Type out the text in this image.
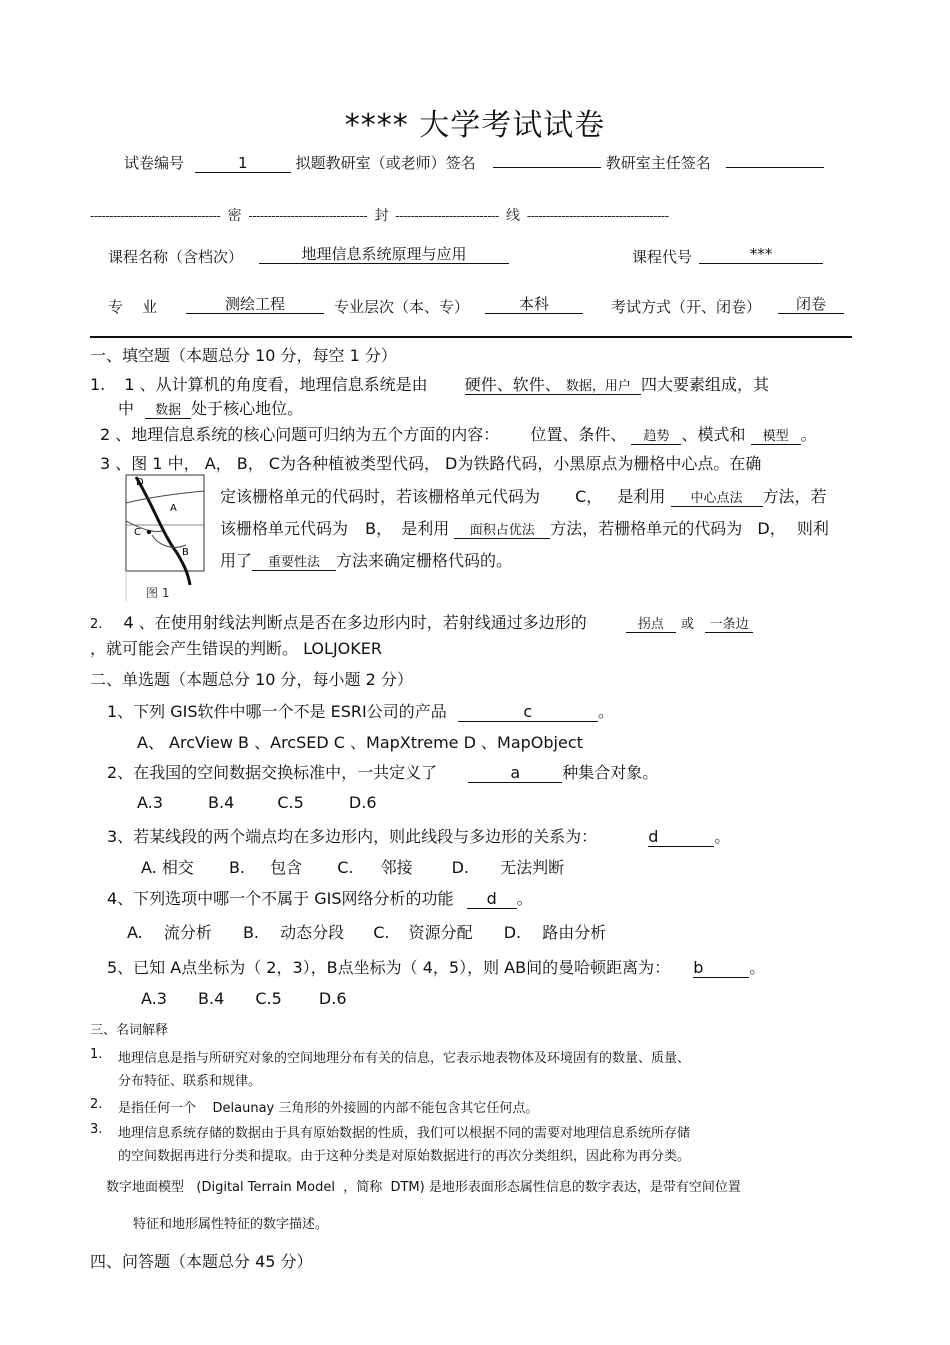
**** 大学考试试卷
试卷编号	1	拟题教研室（或老师）签名	教研室主任签名
---------------------------------- 密 ------------------------------- 封 --------------------------- 线 -------------------------------------
课程名称（含档次）	地理信息系统原理与应用	课程代号	***
专    业	测绘工程	专业层次（本、专）	本科	考试方式（开、闭卷）	闭卷
一、填空题（本题总分 10 分，每空 1 分）
1. 1 、从计算机的角度看，地理信息系统是由 硬件、软件、 数据，用户 四大要素组成，其
中 数据 处于核心地位。
2 、地理信息系统的核心问题可归纳为五个方面的内容： 位置、条件、 趋势 、模式和 模型 。
3 、图 1 中， A， B， C为各种植被类型代码， D为铁路代码，小黑原点为栅格中心点。在确
D
A
C
B
图 1
定该栅格单元的代码时，若该栅格单元代码为 C， 是利用 中心点法 方法，若
该栅格单元代码为 B， 是利用 面积占优法 方法，若栅格单元的代码为 D， 则利
用了 重要性法 方法来确定栅格代码的。
2. 4 、在使用射线法判断点是否在多边形内时，若射线通过多边形的	拐点 或 一条边
，就可能会产生错误的判断。 LOLJOKER
二、单选题（本题总分 10 分，每小题 2 分）
1、下列 GIS软件中哪一个不是 ESRI公司的产品	c	。
A、 ArcView B 、ArcSED C 、MapXtreme D 、MapObject
2、在我国的空间数据交换标准中，一共定义了	a	种集合对象。
A.3	B.4	C.5	D.6
3、若某线段的两个端点均在多边形内，则此线段与多边形的关系为：	d	。
A. 相交 B. 包含 C. 邻接 D. 无法判断
4、下列选项中哪一个不属于 GIS网络分析的功能 d 。
A. 流分析 B. 动态分段 C. 资源分配 D. 路由分析
5、已知 A点坐标为（ 2，3），B点坐标为（ 4，5），则 AB间的曼哈顿距离为： b	。
A.3 B.4 C.5 D.6
三、名词解释
1. 地理信息是指与所研究对象的空间地理分布有关的信息，它表示地表物体及环境固有的数量、质量、
分布特征、联系和规律。
2. 是指任何一个    Delaunay 三角形的外接圆的内部不能包含其它任何点。
3. 地理信息系统存储的数据由于具有原始数据的性质，我们可以根据不同的需要对地理信息系统所存储
的空间数据再进行分类和提取。由于这种分类是对原始数据进行的再次分类组织，因此称为再分类。
数字地面模型   (Digital Terrain Model  ，简称  DTM) 是地形表面形态属性信息的数字表达，是带有空间位置
特征和地形属性特征的数字描述。
四、问答题（本题总分 45 分）
